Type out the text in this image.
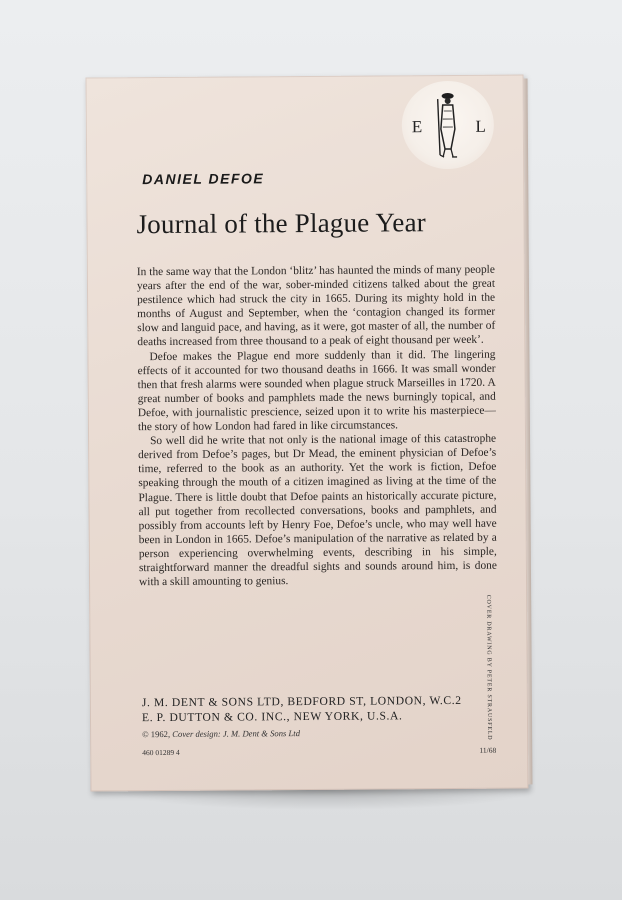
E	L
DANIEL DEFOE
Journal of the Plague Year

In the same way that the London ‘blitz’ has haunted the minds of many people years after the end of the war, sober-minded citizens talked about the great pestilence which had struck the city in 1665. During its mighty hold in the months of August and September, when the ‘contagion changed its former slow and languid pace, and having, as it were, got master of all, the number of deaths increased from three thousand to a peak of eight thousand per week’.

Defoe makes the Plague end more suddenly than it did. The lingering effects of it accounted for two thousand deaths in 1666. It was small wonder then that fresh alarms were sounded when plague struck Marseilles in 1720. A great number of books and pamphlets made the news burningly topical, and Defoe, with journalistic prescience, seized upon it to write his masterpiece—the story of how London had fared in like circumstances.

So well did he write that not only is the national image of this catastrophe derived from Defoe’s pages, but Dr Mead, the eminent physician of Defoe’s time, referred to the book as an authority. Yet the work is fiction, Defoe speaking through the mouth of a citizen imagined as living at the time of the Plague. There is little doubt that Defoe paints an historically accurate picture, all put together from recollected conversations, books and pamphlets, and possibly from accounts left by Henry Foe, Defoe’s uncle, who may well have been in London in 1665. Defoe’s manipulation of the narrative as related by a person experiencing overwhelming events, describing in his simple, straightforward manner the dreadful sights and sounds around him, is done with a skill amounting to genius.

COVER DRAWING BY PETER STRAUSFELD
J. M. DENT & SONS LTD, BEDFORD ST, LONDON, W.C.2
E. P. DUTTON & CO. INC., NEW YORK, U.S.A.
© 1962, Cover design: J. M. Dent & Sons Ltd
460 01289 4	11/68
